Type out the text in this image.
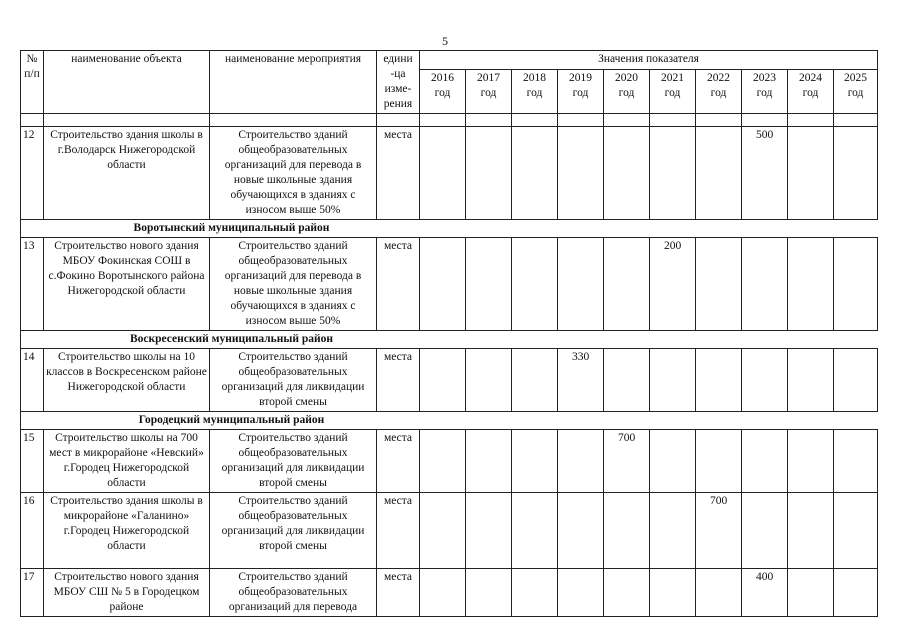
5
№ п/п	наименование объекта	наименование мероприятия	едини -ца изме- рения	Значения показателя									
				2016 год	2017 год	2018 год	2019 год	2020 год	2021 год	2022 год	2023 год	2024 год	2025 год

12	Строительство здания школы в г.Володарск Нижегородской области	Строительство зданий общеобразовательных организаций для перевода в новые школьные здания обучающихся в зданиях с износом выше 50%	места								500		
	Воротынский муниципальный район												
13	Строительство нового здания МБОУ Фокинская СОШ в с.Фокино Воротынского района Нижегородской области	Строительство зданий общеобразовательных организаций для перевода в новые школьные здания обучающихся в зданиях с износом выше 50%	места						200				
	Воскресенский муниципальный район												
14	Строительство школы на 10 классов в Воскресенском районе Нижегородской области	Строительство зданий общеобразовательных организаций для ликвидации второй смены	места				330						
	Городецкий муниципальный район												
15	Строительство школы на 700 мест в микрорайоне «Невский» г.Городец Нижегородской области	Строительство зданий общеобразовательных организаций для ликвидации второй смены	места					700					
16	Строительство здания школы в микрорайоне «Галанино» г.Городец Нижегородской области	Строительство зданий общеобразовательных организаций для ликвидации второй смены	места							700			
17	Строительство нового здания МБОУ СШ № 5 в Городецком районе	Строительство зданий общеобразовательных организаций для перевода	места								400		
